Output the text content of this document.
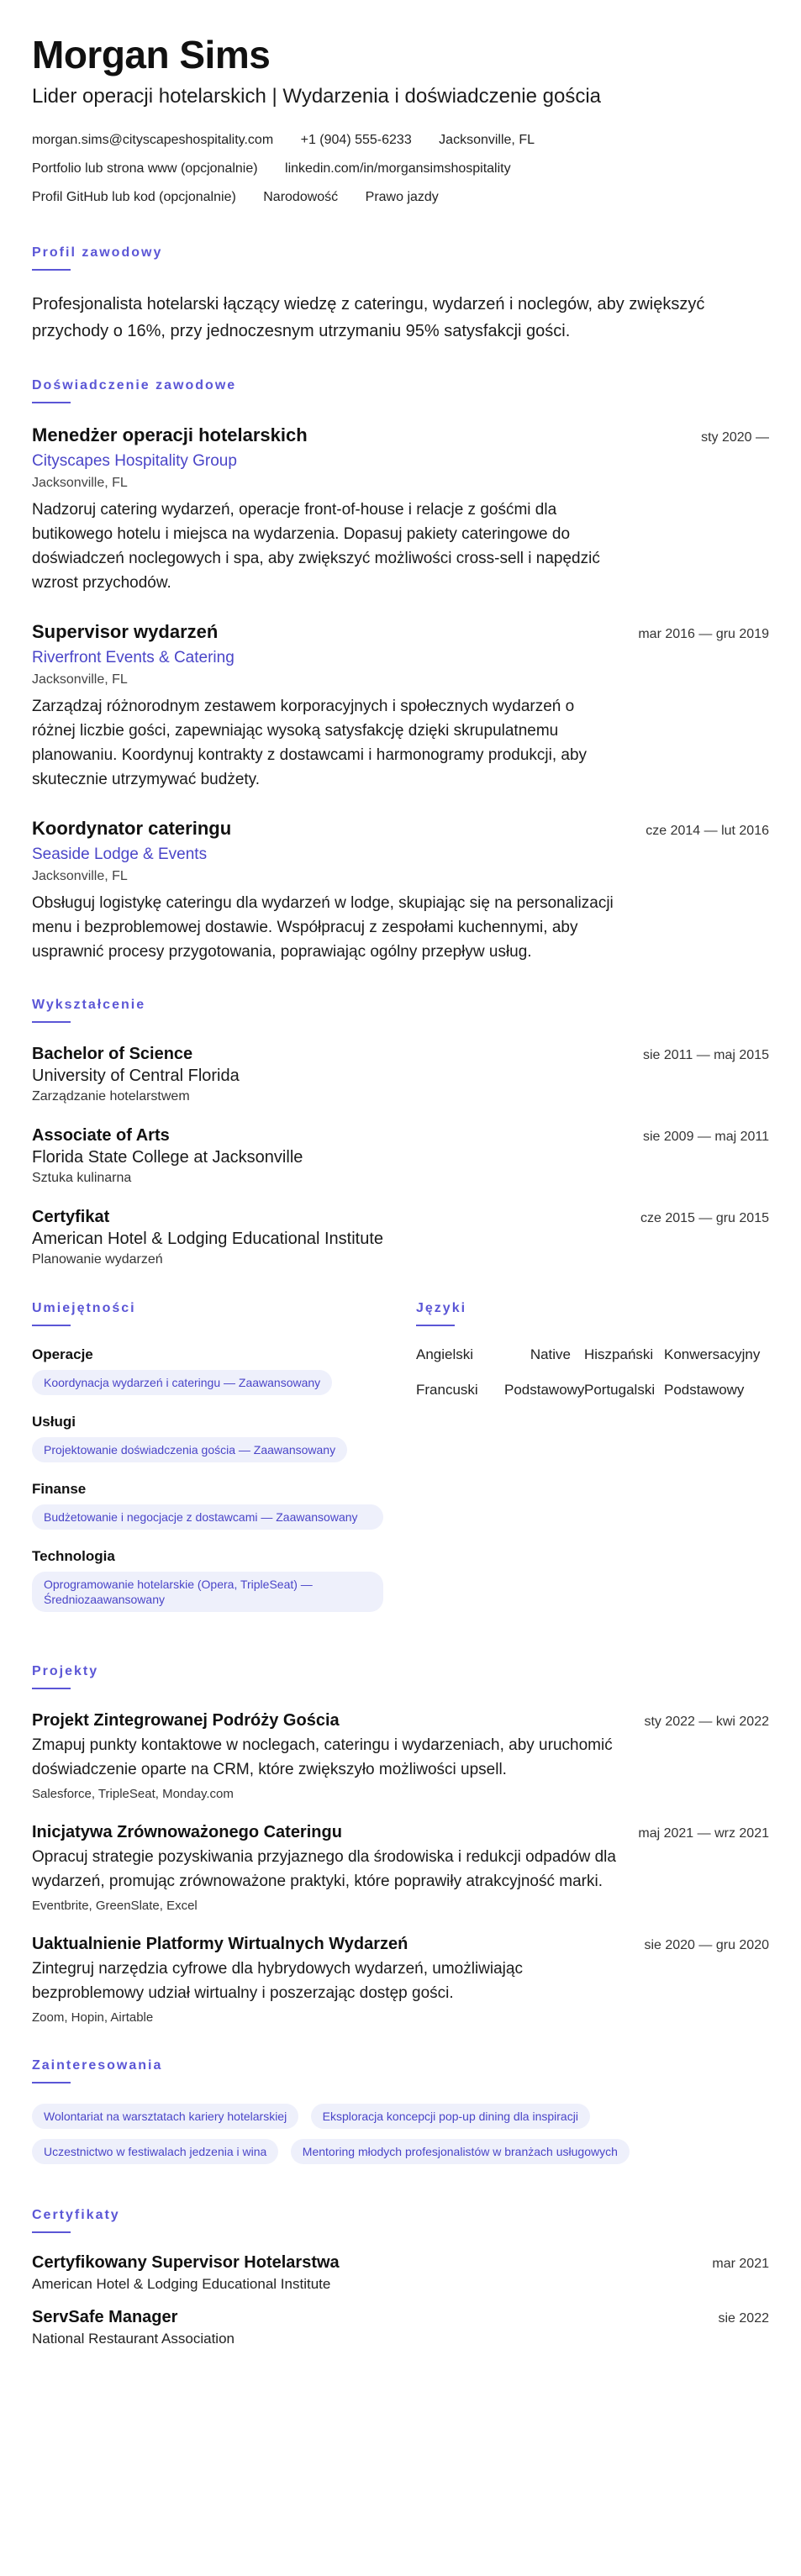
Morgan Sims
Lider operacji hotelarskich | Wydarzenia i doświadczenie gościa
morgan.sims@cityscapeshospitality.com +1 (904) 555-6233 Jacksonville, FL
Portfolio lub strona www (opcjonalnie) linkedin.com/in/morgansimshospitality
Profil GitHub lub kod (opcjonalnie) Narodowość Prawo jazdy
Profil zawodowy
Profesjonalista hotelarski łączący wiedzę z cateringu, wydarzeń i noclegów, aby zwiększyć przychody o 16%, przy jednoczesnym utrzymaniu 95% satysfakcji gości.
Doświadczenie zawodowe
Menedżer operacji hotelarskich	sty 2020 —
Cityscapes Hospitality Group
Jacksonville, FL
Nadzoruj catering wydarzeń, operacje front-of-house i relacje z gośćmi dla butikowego hotelu i miejsca na wydarzenia. Dopasuj pakiety cateringowe do doświadczeń noclegowych i spa, aby zwiększyć możliwości cross-sell i napędzić wzrost przychodów.
Supervisor wydarzeń	mar 2016 — gru 2019
Riverfront Events & Catering
Jacksonville, FL
Zarządzaj różnorodnym zestawem korporacyjnych i społecznych wydarzeń o różnej liczbie gości, zapewniając wysoką satysfakcję dzięki skrupulatnemu planowaniu. Koordynuj kontrakty z dostawcami i harmonogramy produkcji, aby skutecznie utrzymywać budżety.
Koordynator cateringu	cze 2014 — lut 2016
Seaside Lodge & Events
Jacksonville, FL
Obsługuj logistykę cateringu dla wydarzeń w lodge, skupiając się na personalizacji menu i bezproblemowej dostawie. Współpracuj z zespołami kuchennymi, aby usprawnić procesy przygotowania, poprawiając ogólny przepływ usług.
Wykształcenie
Bachelor of Science	sie 2011 — maj 2015
University of Central Florida
Zarządzanie hotelarstwem
Associate of Arts	sie 2009 — maj 2011
Florida State College at Jacksonville
Sztuka kulinarna
Certyfikat	cze 2015 — gru 2015
American Hotel & Lodging Educational Institute
Planowanie wydarzeń
Umiejętności
Operacje
Koordynacja wydarzeń i cateringu — Zaawansowany
Usługi
Projektowanie doświadczenia gościa — Zaawansowany
Finanse
Budżetowanie i negocjacje z dostawcami — Zaawansowany
Technologia
Oprogramowanie hotelarskie (Opera, TripleSeat) — Średniozaawansowany
Języki
Angielski	Native Hiszpański Konwersacyjny
Francuski	Podstawowy Portugalski Podstawowy
Projekty
Projekt Zintegrowanej Podróży Gościa	sty 2022 — kwi 2022
Zmapuj punkty kontaktowe w noclegach, cateringu i wydarzeniach, aby uruchomić doświadczenie oparte na CRM, które zwiększyło możliwości upsell.
Salesforce, TripleSeat, Monday.com
Inicjatywa Zrównoważonego Cateringu	maj 2021 — wrz 2021
Opracuj strategie pozyskiwania przyjaznego dla środowiska i redukcji odpadów dla wydarzeń, promując zrównoważone praktyki, które poprawiły atrakcyjność marki.
Eventbrite, GreenSlate, Excel
Uaktualnienie Platformy Wirtualnych Wydarzeń	sie 2020 — gru 2020
Zintegruj narzędzia cyfrowe dla hybrydowych wydarzeń, umożliwiając bezproblemowy udział wirtualny i poszerzając dostęp gości.
Zoom, Hopin, Airtable
Zainteresowania
Wolontariat na warsztatach kariery hotelarskiej	Eksploracja koncepcji pop-up dining dla inspiracji Uczestnictwo w festiwalach jedzenia i wina	Mentoring młodych profesjonalistów w branżach usługowych
Certyfikaty
Certyfikowany Supervisor Hotelarstwa	mar 2021
American Hotel & Lodging Educational Institute
ServSafe Manager	sie 2022
National Restaurant Association
